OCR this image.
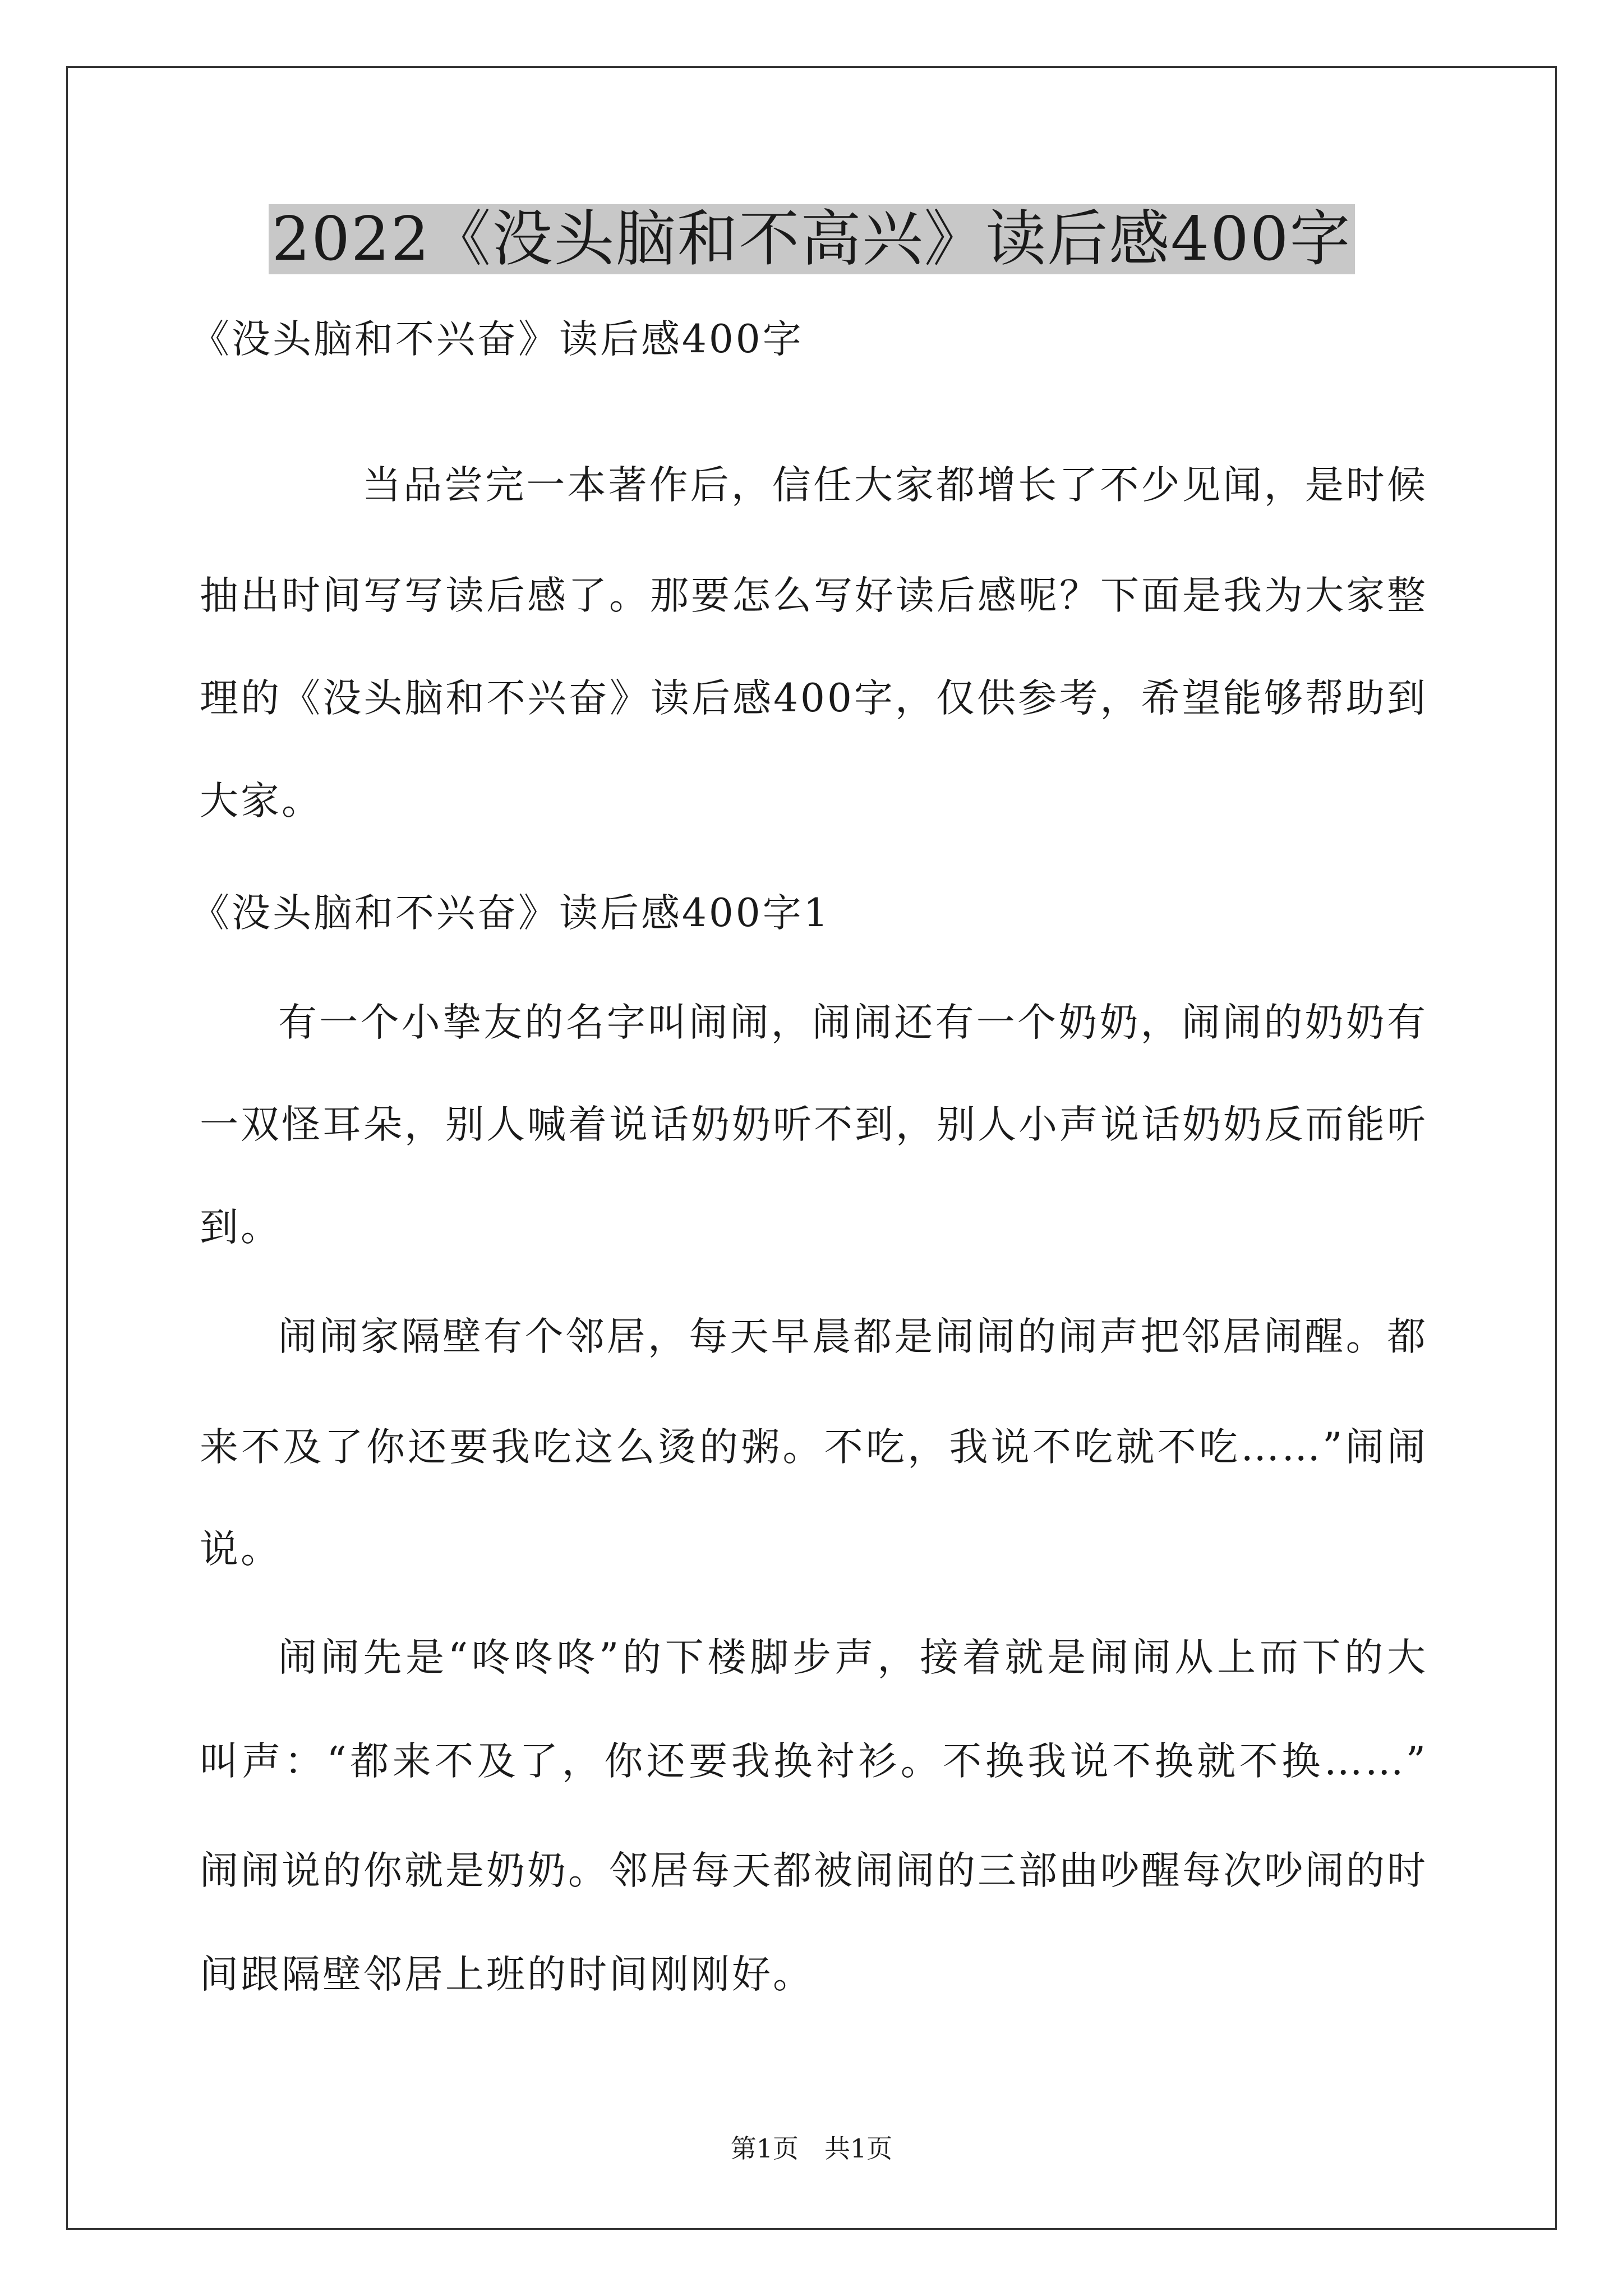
2022《没头脑和不高兴》读后感400字
《没头脑和不兴奋》读后感400字
当品尝完一本著作后，信任大家都增长了不少见闻，是时候
抽出时间写写读后感了。那要怎么写好读后感呢？下面是我为大家整
理的《没头脑和不兴奋》读后感400字，仅供参考，希望能够帮助到
大家。
《没头脑和不兴奋》读后感400字1
有一个小挚友的名字叫闹闹，闹闹还有一个奶奶，闹闹的奶奶有
一双怪耳朵，别人喊着说话奶奶听不到，别人小声说话奶奶反而能听
到。
闹闹家隔壁有个邻居，每天早晨都是闹闹的闹声把邻居闹醒。都
来不及了你还要我吃这么烫的粥。不吃，我说不吃就不吃……”闹闹
说。
闹闹先是“咚咚咚”的下楼脚步声，接着就是闹闹从上而下的大
叫声：“都来不及了，你还要我换衬衫。不换我说不换就不换……”
闹闹说的你就是奶奶。邻居每天都被闹闹的三部曲吵醒每次吵闹的时
间跟隔壁邻居上班的时间刚刚好。
第1页　共1页
